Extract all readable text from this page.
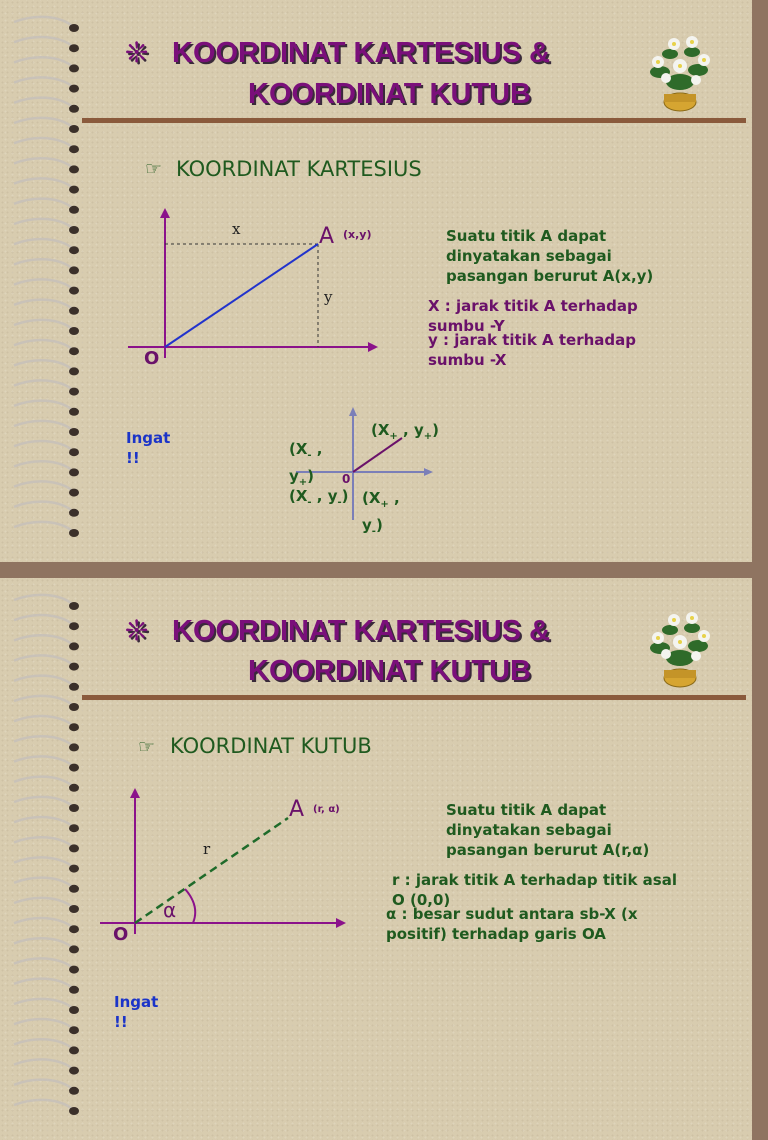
❊ KOORDINAT KARTESIUS &
KOORDINAT KUTUB
☞ KOORDINAT KARTESIUS
x
y
A (x,y)
O
Suatu titik A dapat dinyatakan sebagai pasangan berurut A(x,y)
X : jarak titik A terhadap sumbu -Y
y : jarak titik A terhadap sumbu -X
Ingat !!
0
($X_+$ , $y_+$)
($X_-$ ,
$y_+$)
($X_-$ , $y_-$) ($X_+$ ,
$y_-$)
❊ KOORDINAT KARTESIUS &
KOORDINAT KUTUB
☞ KOORDINAT KUTUB
r
A (r, α)
α
O
Suatu titik A dapat
dinyatakan sebagai
pasangan berurut A(r,α)
r : jarak titik A terhadap titik asal O (0,0)
α : besar sudut antara sb-X (x positif) terhadap garis OA
Ingat !!
